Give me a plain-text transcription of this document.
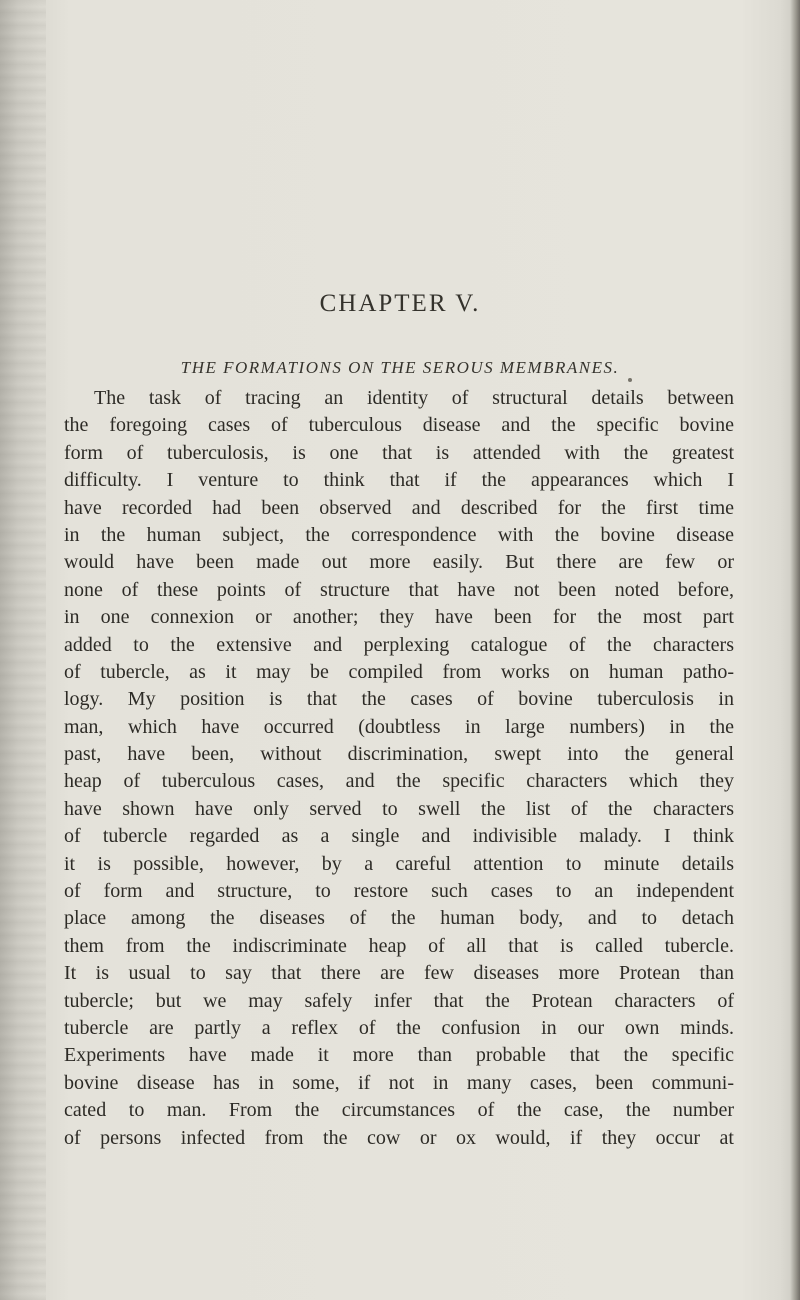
CHAPTER V.
THE FORMATIONS ON THE SEROUS MEMBRANES.
The task of tracing an identity of structural details between
the foregoing cases of tuberculous disease and the specific bovine
form of tuberculosis, is one that is attended with the greatest
difficulty. I venture to think that if the appearances which I
have recorded had been observed and described for the first time
in the human subject, the correspondence with the bovine disease
would have been made out more easily. But there are few or
none of these points of structure that have not been noted before,
in one connexion or another; they have been for the most part
added to the extensive and perplexing catalogue of the characters
of tubercle, as it may be compiled from works on human patho-
logy. My position is that the cases of bovine tuberculosis in
man, which have occurred (doubtless in large numbers) in the
past, have been, without discrimination, swept into the general
heap of tuberculous cases, and the specific characters which they
have shown have only served to swell the list of the characters
of tubercle regarded as a single and indivisible malady. I think
it is possible, however, by a careful attention to minute details
of form and structure, to restore such cases to an independent
place among the diseases of the human body, and to detach
them from the indiscriminate heap of all that is called tubercle.
It is usual to say that there are few diseases more Protean than
tubercle; but we may safely infer that the Protean characters of
tubercle are partly a reflex of the confusion in our own minds.
Experiments have made it more than probable that the specific
bovine disease has in some, if not in many cases, been communi-
cated to man. From the circumstances of the case, the number
of persons infected from the cow or ox would, if they occur at
